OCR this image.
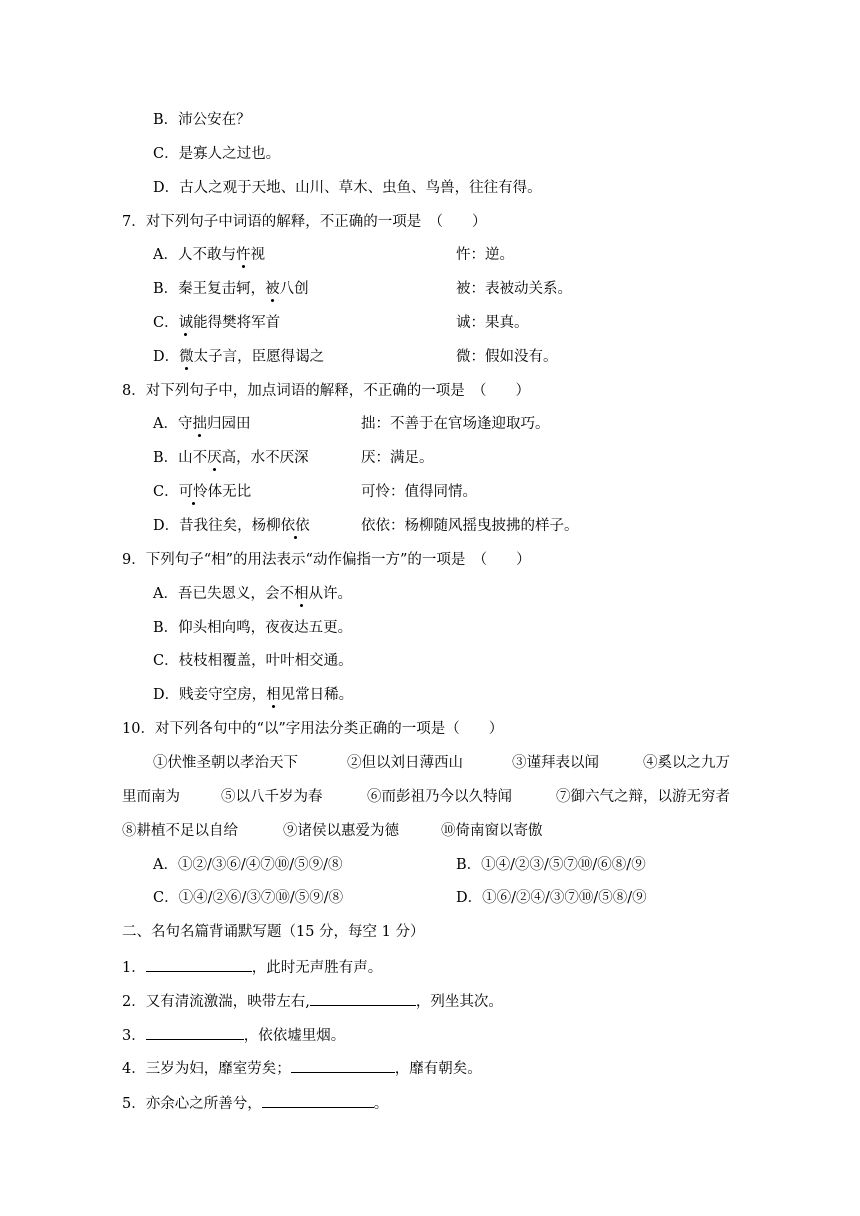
B．沛公安在？
C．是寡人之过也。
D．古人之观于天地、山川、草木、虫鱼、鸟兽，往往有得。
7．对下列句子中词语的解释，不正确的一项是　（　　）
A．人不敢与忤视	忤：逆。
B．秦王复击轲，被八创	被：表被动关系。
C．诚能得樊将军首	诚：果真。
D．微太子言，臣愿得谒之	微：假如没有。
8．对下列句子中，加点词语的解释，不正确的一项是　（　　）
A．守拙归园田	拙：不善于在官场逢迎取巧。
B．山不厌高，水不厌深	厌：满足。
C．可怜体无比	可怜：值得同情。
D．昔我往矣，杨柳依依	依依：杨柳随风摇曳披拂的样子。
9．下列句子“相”的用法表示“动作偏指一方”的一项是　（　　）
A．吾已失恩义，会不相从许。
B．仰头相向鸣，夜夜达五更。
C．枝枝相覆盖，叶叶相交通。
D．贱妾守空房，相见常日稀。
10．对下列各句中的“以”字用法分类正确的一项是（　　）
①伏惟圣朝以孝治天下	②但以刘日薄西山	③谨拜表以闻	④奚以之九万
里而南为	⑤以八千岁为春	⑥而彭祖乃今以久特闻	⑦御六气之辩，以游无穷者
⑧耕植不足以自给	⑨诸侯以惠爱为德	⑩倚南窗以寄傲
A．①②/③⑥/④⑦⑩/⑤⑨/⑧	B．①④/②③/⑤⑦⑩/⑥⑧/⑨
C．①④/②⑥/③⑦⑩/⑤⑨/⑧	D．①⑥/②④/③⑦⑩/⑤⑧/⑨
二、名句名篇背诵默写题（15 分，每空 1 分）
1．	，此时无声胜有声。
2．又有清流激湍，映带左右,	，列坐其次。
3．	，依依墟里烟。
4．三岁为妇，靡室劳矣；	，靡有朝矣。
5．亦余心之所善兮，	。
